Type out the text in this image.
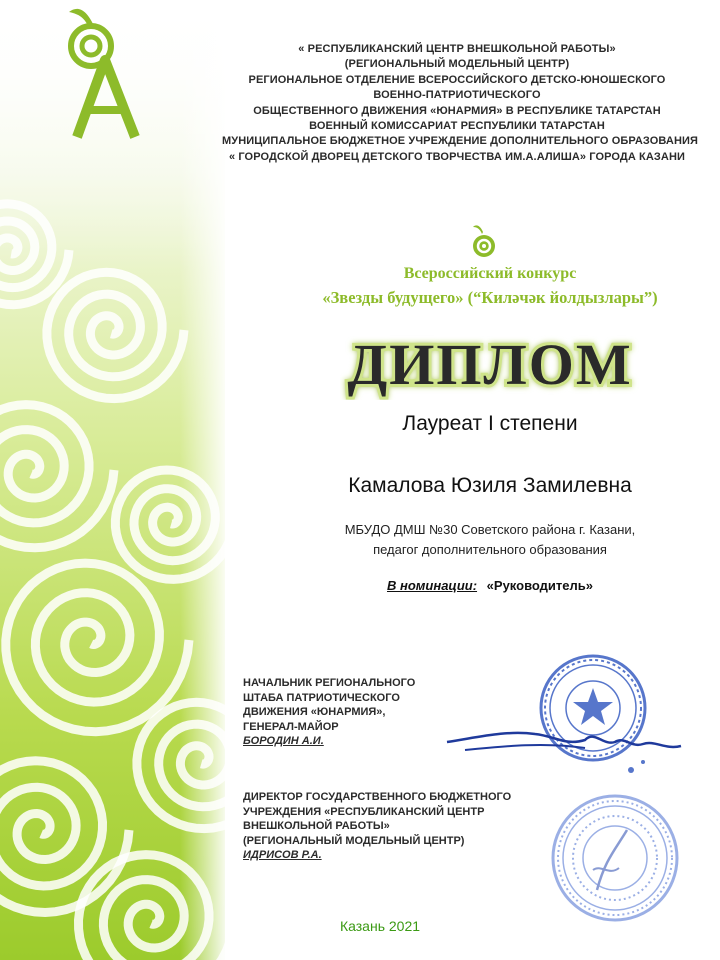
« РЕСПУБЛИКАНСКИЙ ЦЕНТР ВНЕШКОЛЬНОЙ РАБОТЫ»
(РЕГИОНАЛЬНЫЙ МОДЕЛЬНЫЙ ЦЕНТР)
РЕГИОНАЛЬНОЕ ОТДЕЛЕНИЕ ВСЕРОССИЙСКОГО ДЕТСКО-ЮНОШЕСКОГО
ВОЕННО-ПАТРИОТИЧЕСКОГО
ОБЩЕСТВЕННОГО ДВИЖЕНИЯ «ЮНАРМИЯ» В РЕСПУБЛИКЕ ТАТАРСТАН
ВОЕННЫЙ КОМИССАРИАТ РЕСПУБЛИКИ ТАТАРСТАН
МУНИЦИПАЛЬНОЕ БЮДЖЕТНОЕ УЧРЕЖДЕНИЕ ДОПОЛНИТЕЛЬНОГО ОБРАЗОВАНИЯ
« ГОРОДСКОЙ ДВОРЕЦ ДЕТСКОГО ТВОРЧЕСТВА ИМ.А.АЛИША» ГОРОДА КАЗАНИ
Всероссийский конкурс
«Звезды будущего» (“Киләчәк йолдызлары”)
ДИПЛОМ
Лауреат I степени
Камалова Юзиля Замилевна
МБУДО ДМШ №30 Советского района г. Казани,
педагог дополнительного образования
В номинации: «Руководитель»
НАЧАЛЬНИК РЕГИОНАЛЬНОГО
ШТАБА ПАТРИОТИЧЕСКОГО
ДВИЖЕНИЯ «ЮНАРМИЯ»,
ГЕНЕРАЛ-МАЙОР
БОРОДИН А.И.
ДИРЕКТОР ГОСУДАРСТВЕННОГО БЮДЖЕТНОГО
УЧРЕЖДЕНИЯ «РЕСПУБЛИКАНСКИЙ ЦЕНТР
ВНЕШКОЛЬНОЙ РАБОТЫ»
(РЕГИОНАЛЬНЫЙ МОДЕЛЬНЫЙ ЦЕНТР)
ИДРИСОВ Р.А.
Казань 2021
